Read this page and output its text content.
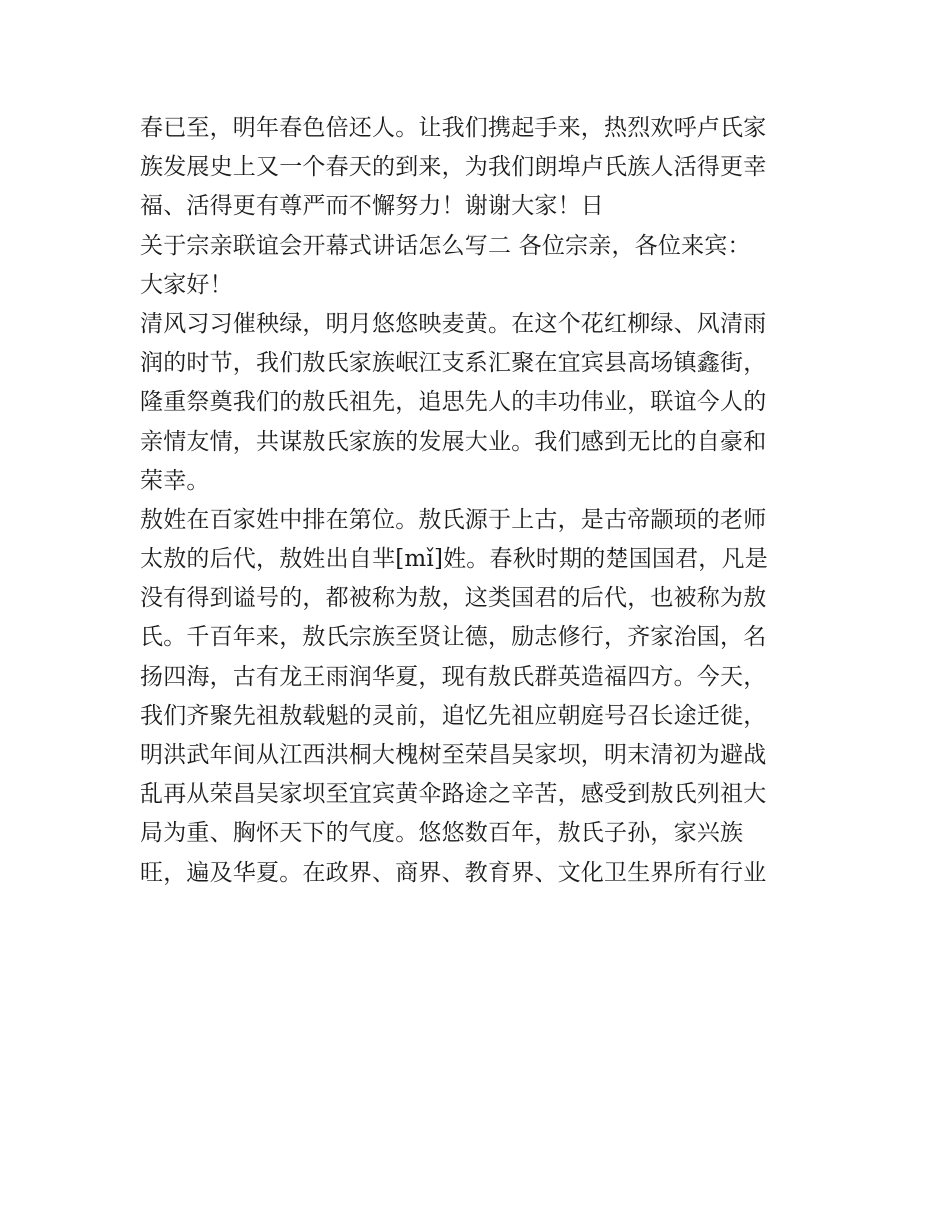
春已至，明年春色倍还人。让我们携起手来，热烈欢呼卢氏家
族发展史上又一个春天的到来，为我们朗埠卢氏族人活得更幸
福、活得更有尊严而不懈努力！谢谢大家！日
关于宗亲联谊会开幕式讲话怎么写二 各位宗亲，各位来宾：
大家好！
清风习习催秧绿，明月悠悠映麦黄。在这个花红柳绿、风清雨
润的时节，我们敖氏家族岷江支系汇聚在宜宾县高场镇鑫街，
隆重祭奠我们的敖氏祖先，追思先人的丰功伟业，联谊今人的
亲情友情，共谋敖氏家族的发展大业。我们感到无比的自豪和
荣幸。
敖姓在百家姓中排在第位。敖氏源于上古，是古帝颛顼的老师
太敖的后代，敖姓出自芈[mǐ]姓。春秋时期的楚国国君，凡是
没有得到谥号的，都被称为敖，这类国君的后代，也被称为敖
氏。千百年来，敖氏宗族至贤让德，励志修行，齐家治国，名
扬四海，古有龙王雨润华夏，现有敖氏群英造福四方。今天，
我们齐聚先祖敖载魁的灵前，追忆先祖应朝庭号召长途迁徙，
明洪武年间从江西洪桐大槐树至荣昌吴家坝，明末清初为避战
乱再从荣昌吴家坝至宜宾黄伞路途之辛苦，感受到敖氏列祖大
局为重、胸怀天下的气度。悠悠数百年，敖氏子孙，家兴族
旺，遍及华夏。在政界、商界、教育界、文化卫生界所有行业
